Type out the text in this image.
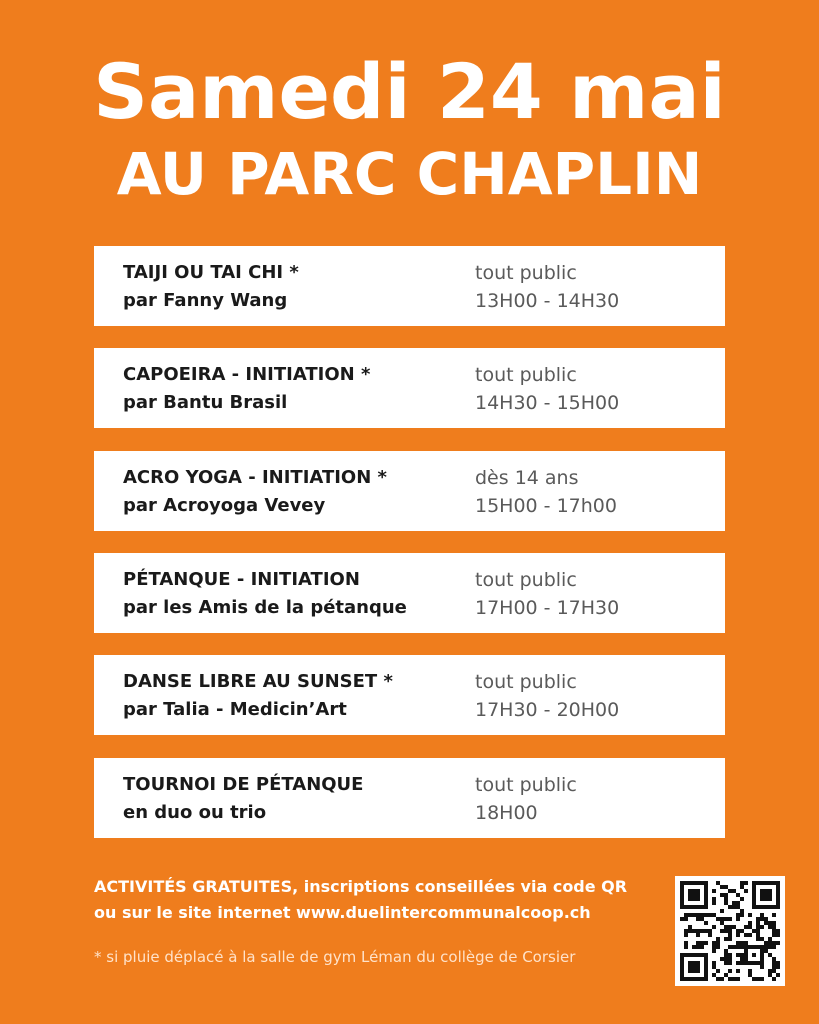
Samedi 24 mai
AU PARC CHAPLIN
TAIJI OU TAI CHI *
par Fanny Wang
tout public
13H00 - 14H30
CAPOEIRA - INITIATION *
par Bantu Brasil
tout public
14H30 - 15H00
ACRO YOGA - INITIATION *
par Acroyoga Vevey
dès 14 ans
15H00 - 17h00
PÉTANQUE - INITIATION
par les Amis de la pétanque
tout public
17H00 - 17H30
DANSE LIBRE AU SUNSET *
par Talia - Medicin’Art
tout public
17H30 - 20H00
TOURNOI DE PÉTANQUE
en duo ou trio
tout public
18H00
ACTIVITÉS GRATUITES, inscriptions conseillées via code QR
ou sur le site internet www.duelintercommunalcoop.ch
* si pluie déplacé à la salle de gym Léman du collège de Corsier
